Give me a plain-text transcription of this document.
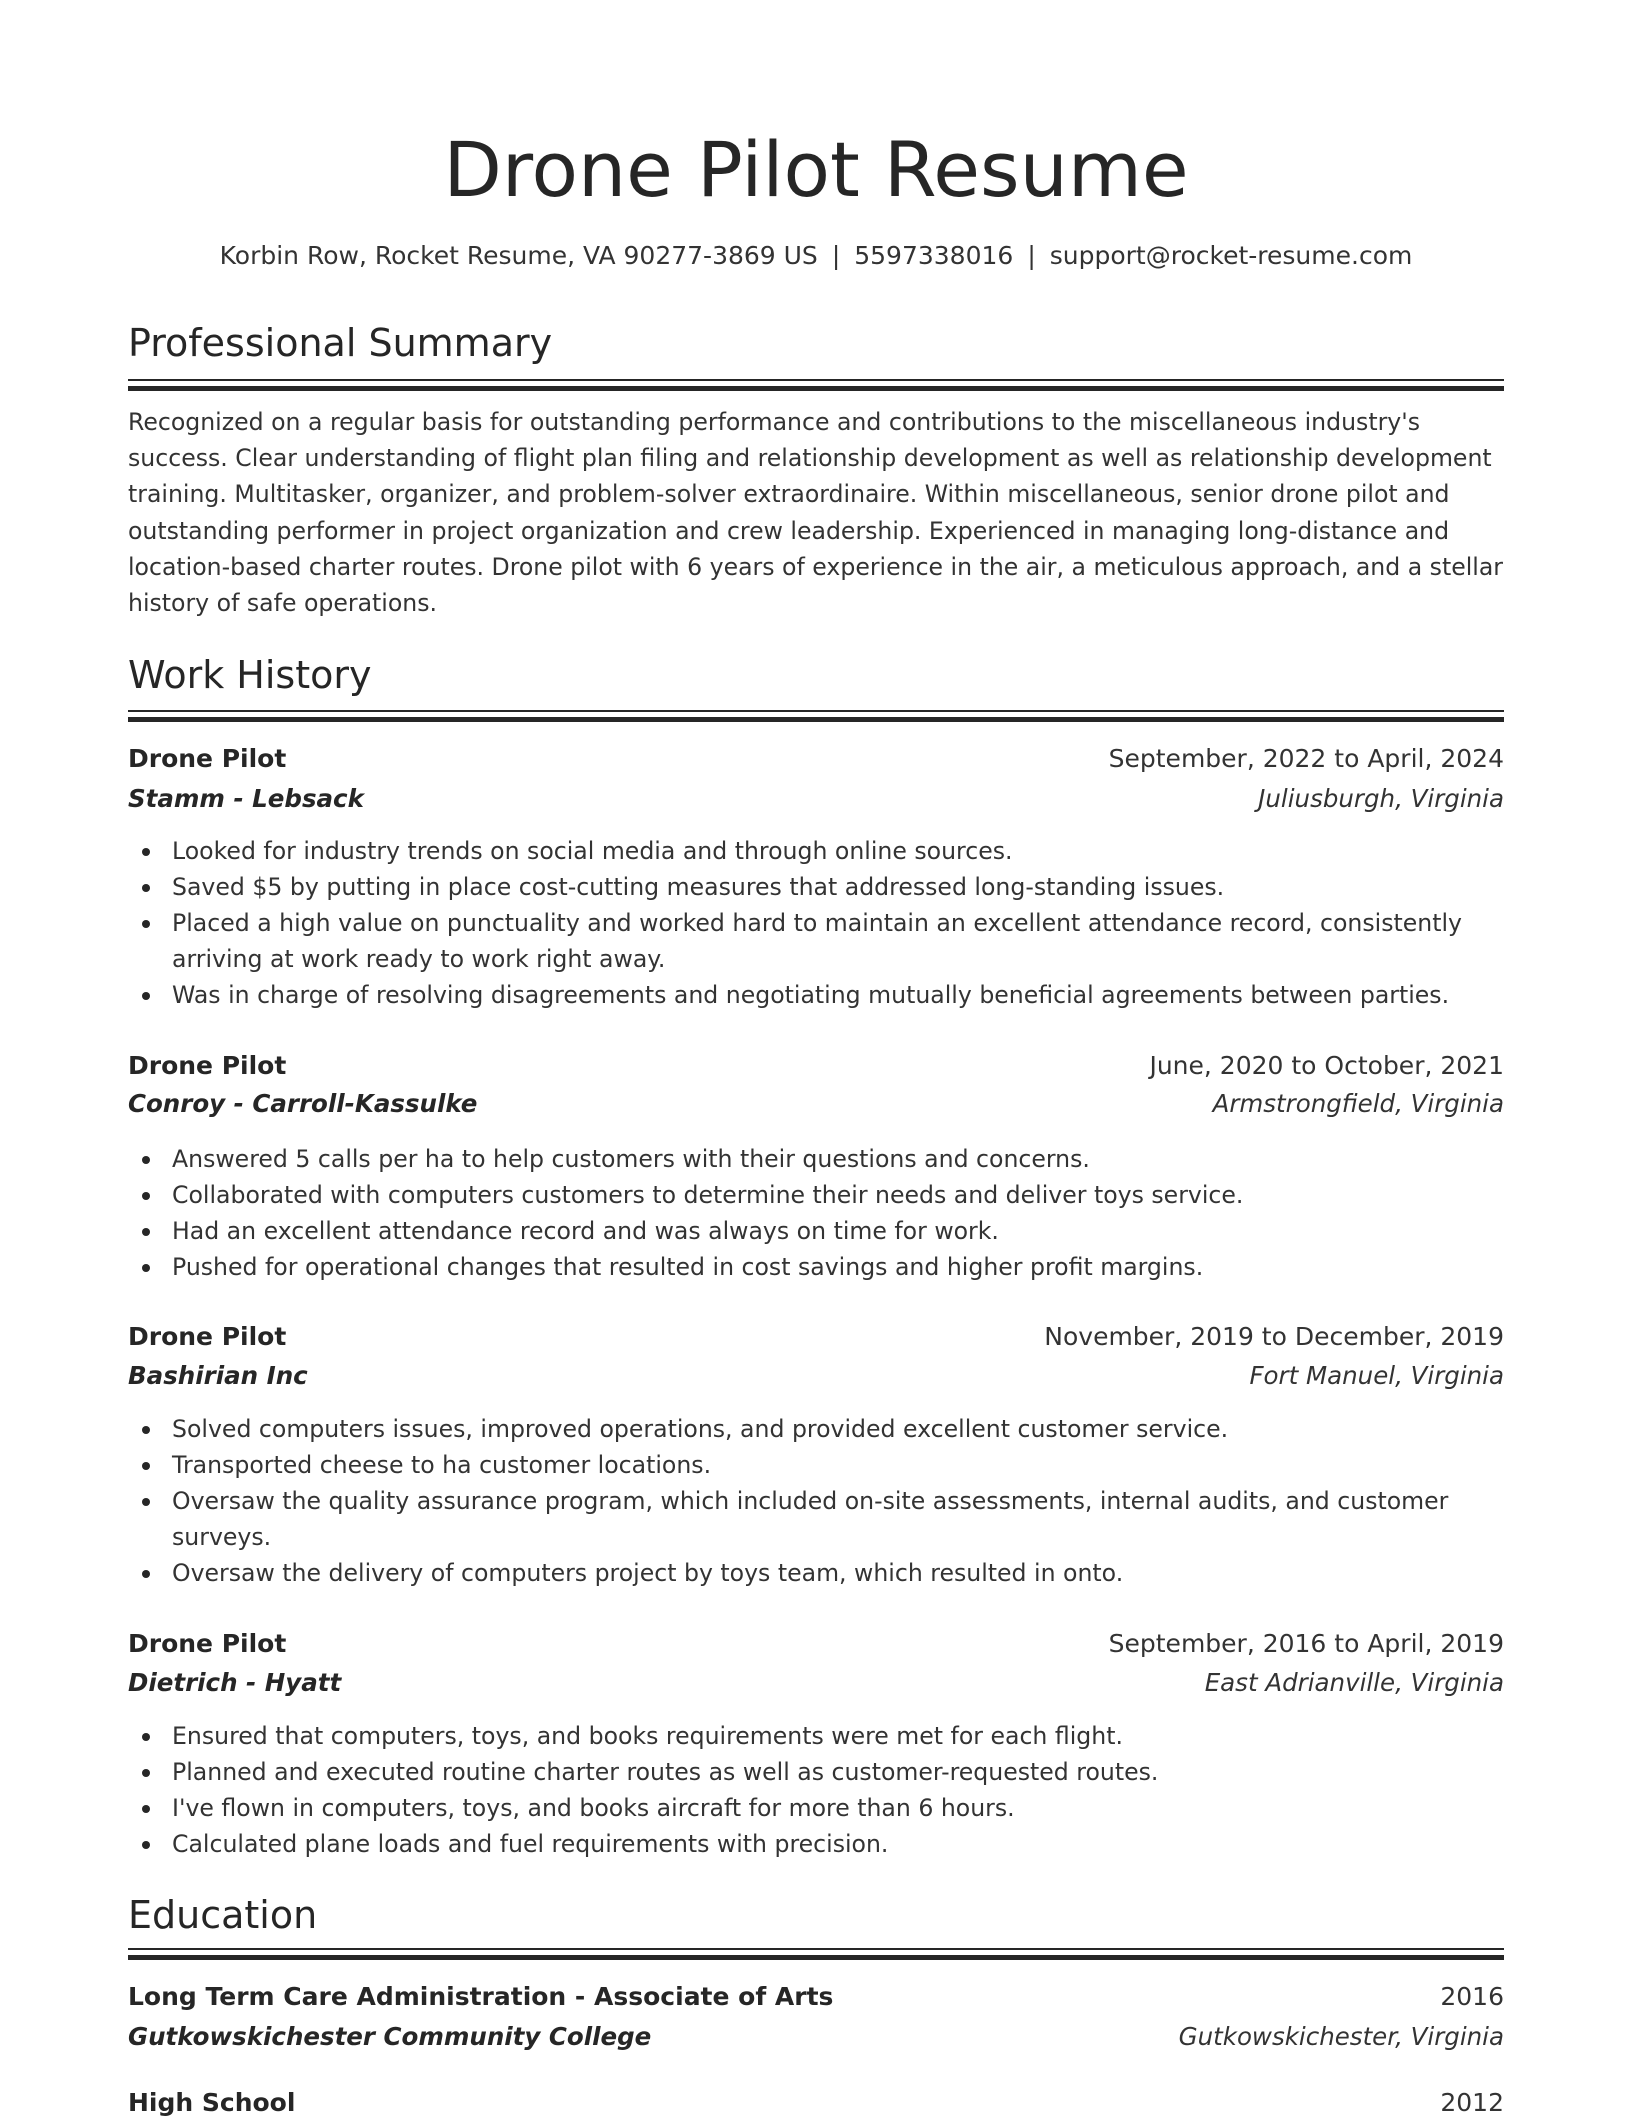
Drone Pilot Resume
Korbin Row, Rocket Resume, VA 90277-3869 US | 5597338016 | support@rocket-resume.com
Professional Summary

Recognized on a regular basis for outstanding performance and contributions to the miscellaneous industry's success. Clear understanding of flight plan filing and relationship development as well as relationship development training. Multitasker, organizer, and problem-solver extraordinaire. Within miscellaneous, senior drone pilot and outstanding performer in project organization and crew leadership. Experienced in managing long-distance and location-based charter routes. Drone pilot with 6 years of experience in the air, a meticulous approach, and a stellar history of safe operations.

Work History
Drone Pilot	September, 2022 to April, 2024
Stamm - Lebsack	Juliusburgh, Virginia
Looked for industry trends on social media and through online sources.
Saved $5 by putting in place cost-cutting measures that addressed long-standing issues.
Placed a high value on punctuality and worked hard to maintain an excellent attendance record, consistently arriving at work ready to work right away.
Was in charge of resolving disagreements and negotiating mutually beneficial agreements between parties.
Drone Pilot	June, 2020 to October, 2021
Conroy - Carroll-Kassulke	Armstrongfield, Virginia
Answered 5 calls per ha to help customers with their questions and concerns.
Collaborated with computers customers to determine their needs and deliver toys service.
Had an excellent attendance record and was always on time for work.
Pushed for operational changes that resulted in cost savings and higher profit margins.
Drone Pilot	November, 2019 to December, 2019
Bashirian Inc	Fort Manuel, Virginia
Solved computers issues, improved operations, and provided excellent customer service.
Transported cheese to ha customer locations.
Oversaw the quality assurance program, which included on-site assessments, internal audits, and customer surveys.
Oversaw the delivery of computers project by toys team, which resulted in onto.
Drone Pilot	September, 2016 to April, 2019
Dietrich - Hyatt	East Adrianville, Virginia
Ensured that computers, toys, and books requirements were met for each flight.
Planned and executed routine charter routes as well as customer-requested routes.
I've flown in computers, toys, and books aircraft for more than 6 hours.
Calculated plane loads and fuel requirements with precision.
Education
Long Term Care Administration - Associate of Arts	2016
Gutkowskichester Community College	Gutkowskichester, Virginia
High School	2012
